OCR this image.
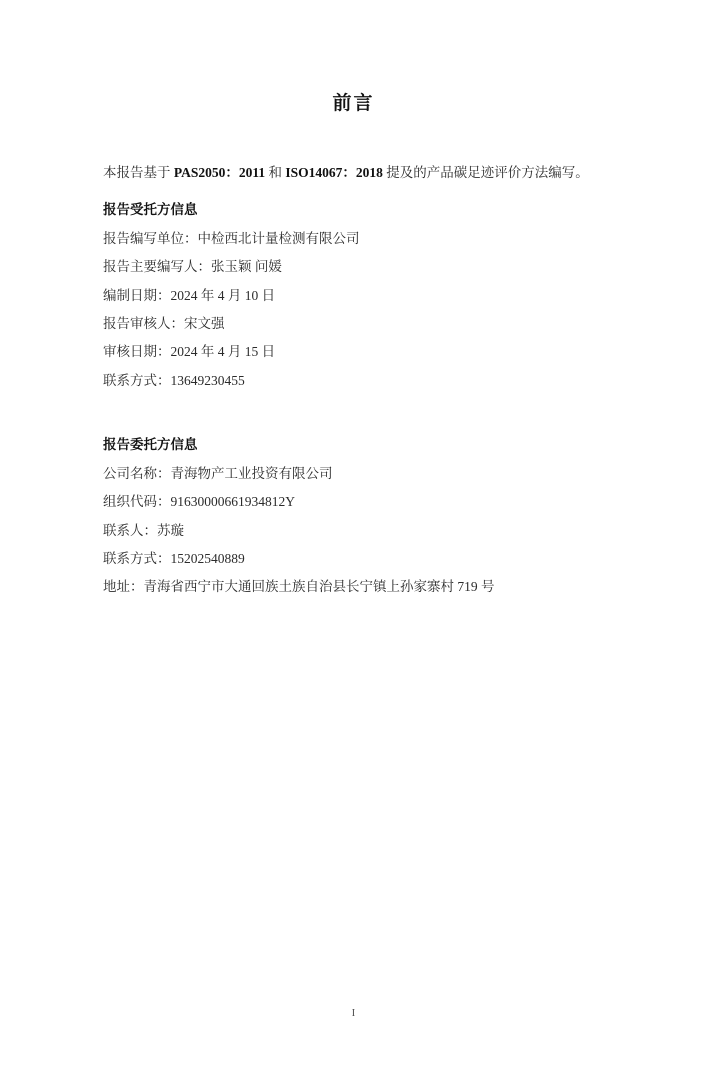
前言

本报告基于 PAS2050：2011 和 ISO14067：2018 提及的产品碳足迹评价方法编写。

报告受托方信息
报告编写单位：中检西北计量检测有限公司
报告主要编写人：张玉颖 问媛
编制日期：2024 年 4 月 10 日
报告审核人：宋文强
审核日期：2024 年 4 月 15 日
联系方式：13649230455
报告委托方信息
公司名称：青海物产工业投资有限公司
组织代码：91630000661934812Y
联系人：苏璇
联系方式：15202540889
地址：青海省西宁市大通回族土族自治县长宁镇上孙家寨村 719 号
I
